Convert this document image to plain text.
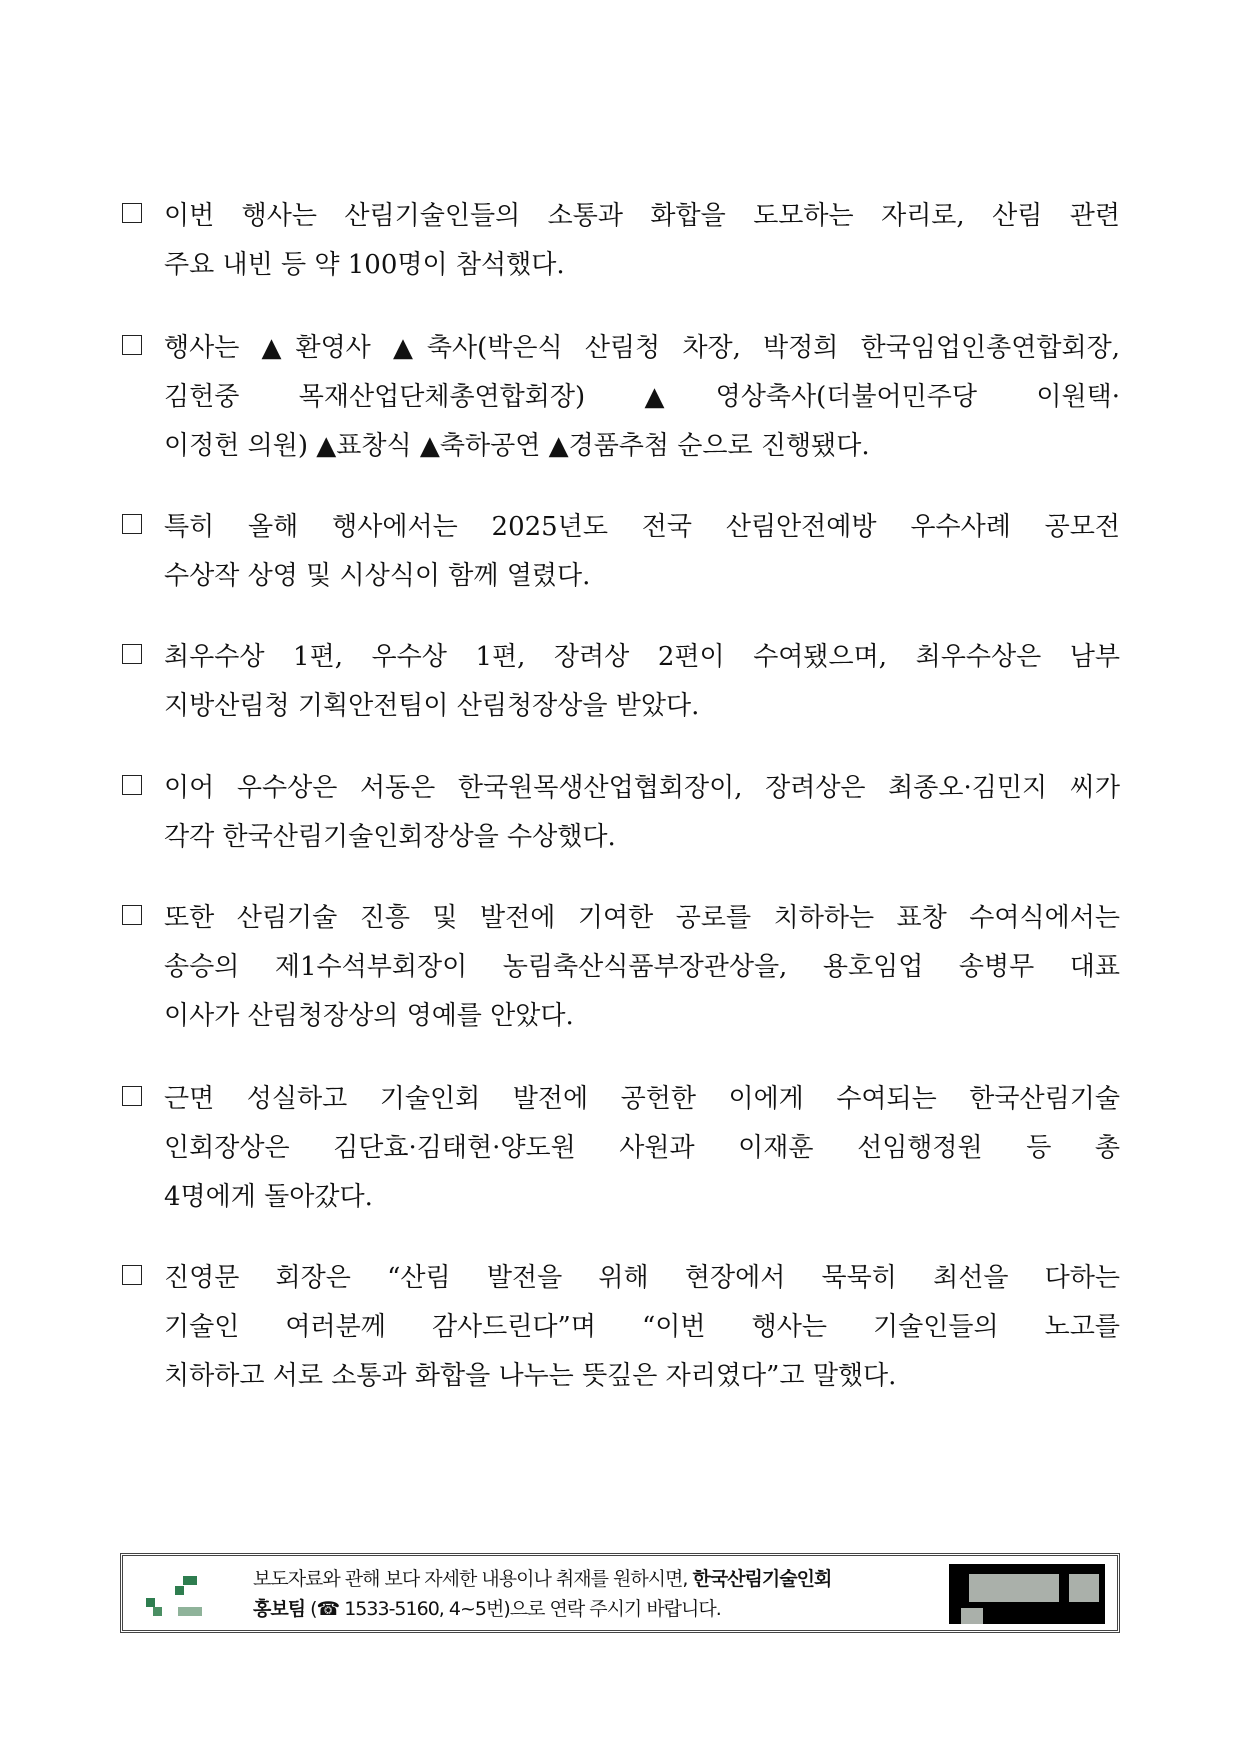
이번 행사는 산림기술인들의 소통과 화합을 도모하는 자리로, 산림 관련
주요 내빈 등 약 100명이 참석했다.
행사는 ▲환영사 ▲축사(박은식 산림청 차장, 박정희 한국임업인총연합회장,
김헌중 목재산업단체총연합회장) ▲영상축사(더불어민주당 이원택·
이정헌 의원) ▲표창식 ▲축하공연 ▲경품추첨 순으로 진행됐다.
특히 올해 행사에서는 2025년도 전국 산림안전예방 우수사례 공모전
수상작 상영 및 시상식이 함께 열렸다.
최우수상 1편, 우수상 1편, 장려상 2편이 수여됐으며, 최우수상은 남부
지방산림청 기획안전팀이 산림청장상을 받았다.
이어 우수상은 서동은 한국원목생산업협회장이, 장려상은 최종오·김민지 씨가
각각 한국산림기술인회장상을 수상했다.
또한 산림기술 진흥 및 발전에 기여한 공로를 치하하는 표창 수여식에서는
송승의 제1수석부회장이 농림축산식품부장관상을, 용호임업 송병무 대표
이사가 산림청장상의 영예를 안았다.
근면 성실하고 기술인회 발전에 공헌한 이에게 수여되는 한국산림기술
인회장상은 김단효·김태현·양도원 사원과 이재훈 선임행정원 등 총
4명에게 돌아갔다.
진영문 회장은 “산림 발전을 위해 현장에서 묵묵히 최선을 다하는
기술인 여러분께 감사드린다”며 “이번 행사는 기술인들의 노고를
치하하고 서로 소통과 화합을 나누는 뜻깊은 자리였다”고 말했다.
보도자료와 관해 보다 자세한 내용이나 취재를 원하시면, 한국산림기술인회
홍보팀 (☎ 1533-5160, 4~5번)으로 연락 주시기 바랍니다.
